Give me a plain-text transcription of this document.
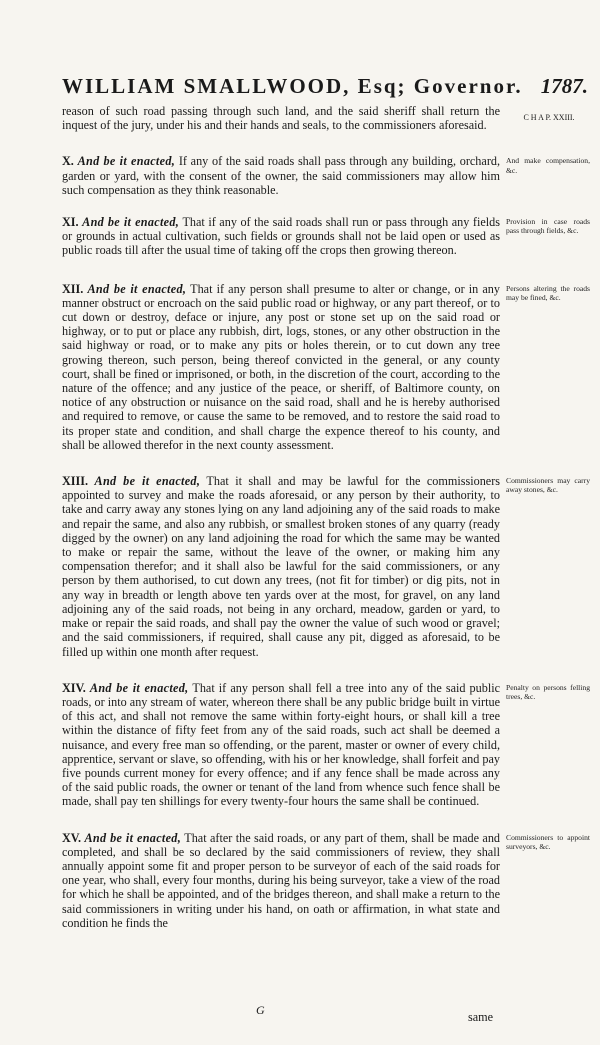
WILLIAM SMALLWOOD, Esq; Governor. 1787.
C H A P. XXIII.

reason of such road passing through such land, and the said sheriff shall return the inquest of the jury, under his and their hands and seals, to the commissioners aforesaid.

X. And be it enacted, If any of the said roads shall pass through any building, orchard, garden or yard, with the consent of the owner, the said commissioners may allow him such compensation as they think reasonable.
And make compensation, &c.

XI. And be it enacted, That if any of the said roads shall run or pass through any fields or grounds in actual cultivation, such fields or grounds shall not be laid open or used as public roads till after the usual time of taking off the crops then growing thereon.
Provision in case roads pass through fields, &c.

XII. And be it enacted, That if any person shall presume to alter or change, or in any manner obstruct or encroach on the said public road or highway, or any part thereof, or to cut down or destroy, deface or injure, any post or stone set up on the said road or highway, or to put or place any rubbish, dirt, logs, stones, or any other obstruction in the said highway or road, or to make any pits or holes therein, or to cut down any tree growing thereon, such person, being thereof convicted in the general, or any county court, shall be fined or imprisoned, or both, in the discretion of the court, according to the nature of the offence; and any justice of the peace, or sheriff, of Baltimore county, on notice of any obstruction or nuisance on the said road, shall and he is hereby authorised and required to remove, or cause the same to be removed, and to restore the said road to its proper state and condition, and shall charge the expence thereof to his county, and shall be allowed therefor in the next county assessment.
Persons altering the roads may be fined, &c.

XIII. And be it enacted, That it shall and may be lawful for the commissioners appointed to survey and make the roads aforesaid, or any person by their authority, to take and carry away any stones lying on any land adjoining any of the said roads to make and repair the same, and also any rubbish, or smallest broken stones of any quarry (ready digged by the owner) on any land adjoining the road for which the same may be wanted to make or repair the same, without the leave of the owner, or making him any compensation therefor; and it shall also be lawful for the said commissioners, or any person by them authorised, to cut down any trees, (not fit for timber) or dig pits, not in any way in breadth or length above ten yards over at the most, for gravel, on any land adjoining any of the said roads, not being in any orchard, meadow, garden or yard, to make or repair the said roads, and shall pay the owner the value of such wood or gravel; and the said commissioners, if required, shall cause any pit, digged as aforesaid, to be filled up within one month after request.
Commissioners may carry away stones, &c.

XIV. And be it enacted, That if any person shall fell a tree into any of the said public roads, or into any stream of water, whereon there shall be any public bridge built in virtue of this act, and shall not remove the same within forty-eight hours, or shall kill a tree within the distance of fifty feet from any of the said roads, such act shall be deemed a nuisance, and every free man so offending, or the parent, master or owner of every child, apprentice, servant or slave, so offending, with his or her knowledge, shall forfeit and pay five pounds current money for every offence; and if any fence shall be made across any of the said public roads, the owner or tenant of the land from whence such fence shall be made, shall pay ten shillings for every twenty-four hours the same shall be continued.
Penalty on persons felling trees, &c.

XV. And be it enacted, That after the said roads, or any part of them, shall be made and completed, and shall be so declared by the said commissioners of review, they shall annually appoint some fit and proper person to be surveyor of each of the said roads for one year, who shall, every four months, during his being surveyor, take a view of the road for which he shall be appointed, and of the bridges thereon, and shall make a return to the said commissioners in writing under his hand, on oath or affirmation, in what state and condition he finds the
Commissioners to appoint surveyors, &c.

G	same
